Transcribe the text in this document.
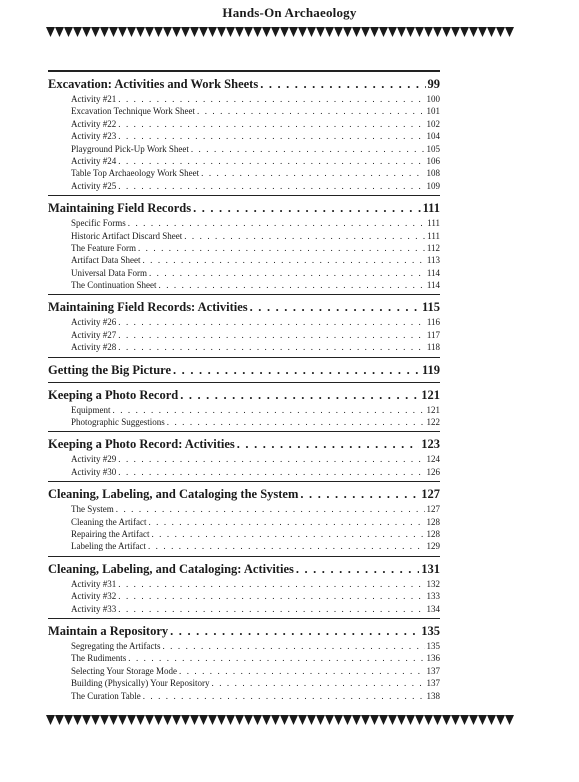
Hands-On Archaeology
Excavation: Activities and Work Sheets . . .	99
Activity #21 . . .	100
Excavation Technique Work Sheet . . .	101
Activity #22 . . .	102
Activity #23 . . .	104
Playground Pick-Up Work Sheet . . .	105
Activity #24 . . .	106
Table Top Archaeology Work Sheet . . .	108
Activity #25 . . .	109
Maintaining Field Records . . .	111
Specific Forms . . .	111
Historic Artifact Discard Sheet . . .	111
The Feature Form . . .	112
Artifact Data Sheet . . .	113
Universal Data Form . . .	114
The Continuation Sheet . . .	114
Maintaining Field Records: Activities . . .	115
Activity #26 . . .	116
Activity #27 . . .	117
Activity #28 . . .	118
Getting the Big Picture . . .	119
Keeping a Photo Record . . .	121
Equipment . . .	121
Photographic Suggestions . . .	122
Keeping a Photo Record: Activities . . .	123
Activity #29 . . .	124
Activity #30 . . .	126
Cleaning, Labeling, and Cataloging the System . . .	127
The System . . .	127
Cleaning the Artifact . . .	128
Repairing the Artifact . . .	128
Labeling the Artifact . . .	129
Cleaning, Labeling, and Cataloging: Activities . . .	131
Activity #31 . . .	132
Activity #32 . . .	133
Activity #33 . . .	134
Maintain a Repository . . .	135
Segregating the Artifacts . . .	135
The Rudiments . . .	136
Selecting Your Storage Mode . . .	137
Building (Physically) Your Repository . . .	137
The Curation Table . . .	138
